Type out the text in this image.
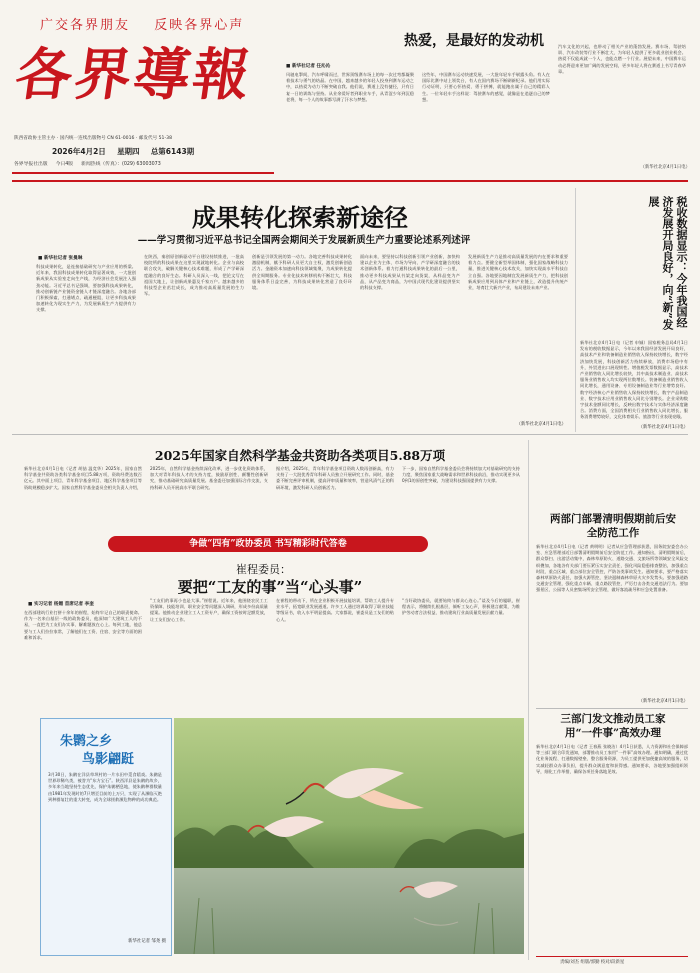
广交各界朋友 反映各界心声
各界導報
陕西省政协主管主办 · 国内统一连续出版物号 CN 61-0016 · 邮发代号 51-38
2026年4月2日 星期四 总第6143期
各界导报社出版 今日4版 新闻热线（传真）：(029) 63003073
热爱，是最好的发动机
■ 新华社记者 任沁沁
风驰电掣间，汽车呼啸而过，世界顶级赛车场上的每一次过弯都凝聚着技术与勇气的结晶。在中国，越来越多的年轻人投身到赛车运动之中，以热爱为动力不断突破自我。他们说，赛道上没有捷径，只有日复一日的训练与坚持。从业余爱好者到职业车手，从青涩少年到沉稳老将，每一个人的故事都写满了汗水与梦想。
这些年，中国赛车运动快速发展，一大批年轻车手崭露头角。有人在国际比赛中站上领奖台，有人在国内赛场不断刷新纪录。他们用实际行动证明，只要心怀热爱、勇于拼搏，就能跑出属于自己的精彩人生。一位年轻车手这样说：驾驶赛车的感觉，就像是在追逐自己的梦想。
汽车文化的兴起，也带动了相关产业的蓬勃发展。赛车场、驾驶培训、汽车改装等行业不断壮大，为年轻人提供了更多就业创业机会。热爱不仅能成就一个人，也能点燃一个行业。展望未来，中国赛车运动必将迎来更加广阔的发展空间，更多年轻人将在赛道上书写青春华章。
（新华社北京4月1日电）
成果转化探索新途径
——学习贯彻习近平总书记全国两会期间关于发展新质生产力重要论述系列述评
■ 新华社记者 张曼琳
科技成果转化，是连接基础研究与产业应用的桥梁。近年来，我国科技成果转化取得显著成效，一大批创新成果从实验室走向生产线，为经济社会发展注入强劲动能。习近平总书记强调，要加强科技成果转化，推动创新链产业链资金链人才链深度融合。各地各部门积极探索，打通堵点、疏通梗阻，让更多科技成果加速转化为现实生产力，为发展新质生产力提供有力支撑。
在陕西，秦创原创新驱动平台建设持续推进，一批高校院所的科技成果在这里实现就地转化。企业与高校联合攻关，破解关键核心技术难题，形成了产学研深度融合的良好生态。科研人员深入一线，把论文写在祖国大地上，让创新成果惠及千家万户。越来越多的科技型企业茁壮成长，成为推动高质量发展的生力军。
创新是引领发展的第一动力。各地完善科技成果转化激励机制，赋予科研人员更大自主权，激发创新创造活力。金融资本加速向科技领域集聚，为成果转化提供全周期服务。专业化技术转移机构不断壮大，科技服务体系日益完善，为科技成果转化营造了良好环境。
面向未来，要坚持以科技创新引领产业创新，加快构建以企业为主体、市场为导向、产学研深度融合的技术创新体系。着力打通科技成果转化的最后一公里，推动更多科技成果从书架走向货架，从样品变为产品，从产品变为商品，为中国式现代化建设提供坚实的科技支撑。
发展新质生产力是推动高质量发展的内在要求和重要着力点。要健全新型举国体制，强化国家战略科技力量，推进关键核心技术攻关，加快实现高水平科技自立自强。各地要因地制宜发展新质生产力，把科技创新成果应用到具体产业和产业链上，改造提升传统产业，培育壮大新兴产业，布局建设未来产业。
（新华社北京4月1日电）
税收数据显示：今年我国经济发展开局良好，向“新”发展
新华社北京4月1日电（记者 申铖）国家税务总局4月1日发布的税收数据显示，今年以来我国经济发展开局良好，高技术产业和装备制造业销售收入保持较快增长，数字经济加快发展，科技创新活力持续释放，消费市场稳中有升，外贸进出口展现韧性。增值税发票数据显示，高技术产业销售收入同比增长较快，其中高技术制造业、高技术服务业销售收入均实现两位数增长。装备制造业销售收入同比增长，通用设备、专用设备制造业等行业增势良好。数字经济核心产业销售收入保持较快增长，数字产品制造业、数字技术应用业销售收入同比分别增长。企业采购数字技术金额同比增长，反映出数字技术与实体经济深度融合。消费方面，全国消费相关行业销售收入同比增长，服务消费增势较好，文化体育娱乐、旅游等行业表现亮眼。
（新华社北京4月1日电）
2025年国家自然科学基金共资助各类项目5.88万项
新华社北京4月1日电（记者 胡喆 温竞华）2025年，国家自然科学基金共资助各类科学基金项目5.88万项，资助经费达数百亿元。其中面上项目、青年科学基金项目、地区科学基金项目等资助规模稳步扩大。国家自然科学基金委员会相关负责人介绍，
2025年，自然科学基金持续深化改革，进一步优化资助体系，加大对青年科技人才的支持力度，鼓励原创性、颠覆性创新研究，推动基础研究高质量发展。基金委还加强国际合作交流，支持科研人员开展高水平联合研究。
据介绍，2025年，青年科学基金项目资助人数再创新高，有力支持了一大批优秀青年科研人员独立开展研究工作。同时，基金委不断完善评审机制，提高评审质量和效率，营造风清气正的科研环境，激发科研人员创新活力。
下一步，国家自然科学基金委员会将持续加大对基础研究的支持力度，聚焦国家重大战略需求和世界科技前沿，推动实现更多从0到1的原创性突破，为建设科技强国提供有力支撑。
争做“四有”政协委员 书写精彩时代答卷
崔程委员：
要把“工友的事”当“心头事”
■ 实习记者 杨媚 首席记者 李奎
在西部建筑行业打拼十余年的崔程，始终牢记自己的职责使命。作为一名来自基层一线的政协委员，他深知广大建筑工人的不易，一直把为工友们办实事、解难题放在心上。每到工地，他总要与工人们拉拉家常，了解他们在工资、住宿、安全等方面的困难和诉求。
“工友们的事再小也是大事。”崔程说。近年来，他围绕农民工工资保障、技能培训、职业安全等问题深入调研，形成多份高质量提案。他推动企业建立工人工资专户，确保工资按时足额发放，让工友们安心工作。
在崔程的带动下，所在企业积极开展技能培训，帮助工人提升专业水平，拓宽职业发展通道。许多工人通过培训取得了职业技能等级证书，收入水平明显提高。大家都说，崔委员是工友们的贴心人。
“当好政协委员，就要始终与群众心连心。”谈及今后的履职，崔程表示，将继续扎根基层，倾听工友心声，积极建言献策，为维护劳动者合法权益、推动建筑行业高质量发展贡献力量。
朱鹮之乡
鸟影翩跹
3月30日，朱鹮在洋县草坝村的一片水田中觅食嬉戏。朱鹮是世界珍稀鸟类，被誉为“东方宝石”。陕西洋县是朱鹮的故乡，多年来当地坚持生态优先，保护朱鹮栖息地，使朱鹮种群数量由1981年发现时的7只增至目前的上万只，实现了从濒临灭绝到种群复壮的重大转变，成为全球拯救濒危物种的成功典范。
新华社记者 邹尧 摄
两部门部署清明假期前后安全防范工作
新华社北京4月1日电（记者 黄明明）记者从应急管理部获悉，国务院安委会办公室、应急管理部近日部署清明假期前后安全防范工作。通知指出，清明假期前后，群众祭扫、出游活动集中，森林草原防火、道路交通、文旅场所等领域安全风险交织叠加，各地各有关部门要压紧压实安全责任，强化风险隐患排查整治，加强重点时段、重点区域、重点部位安全管控，严防各类事故发生。通知要求，要严格落实森林草原防火责任，加强火源管控，坚决遏制森林草原火灾多发势头。要加强道路交通安全管理，强化重点车辆、重点路段管控，严厉打击各类交通违法行为。要加强景区、公园等人员密集场所安全管理，做好客流疏导和应急处置准备。
（新华社北京4月1日电）
三部门发文推动员工家用“一件事”高效办理
新华社北京4月1日电（记者 王春燕 张晓洁）4月1日获悉，人力资源和社会保障部等三部门联合印发通知，部署推动员工家用“一件事”高效办理。通知明确，通过优化业务流程、打通数据壁垒、整合服务资源，为员工提供更加便捷高效的服务，切实减轻群众办事负担，提升群众满意度和获得感。通知要求，各地要加强组织领导，细化工作举措，确保各项任务落地见效。
责编/刘杰 组版/郭勤 校对/段新星
